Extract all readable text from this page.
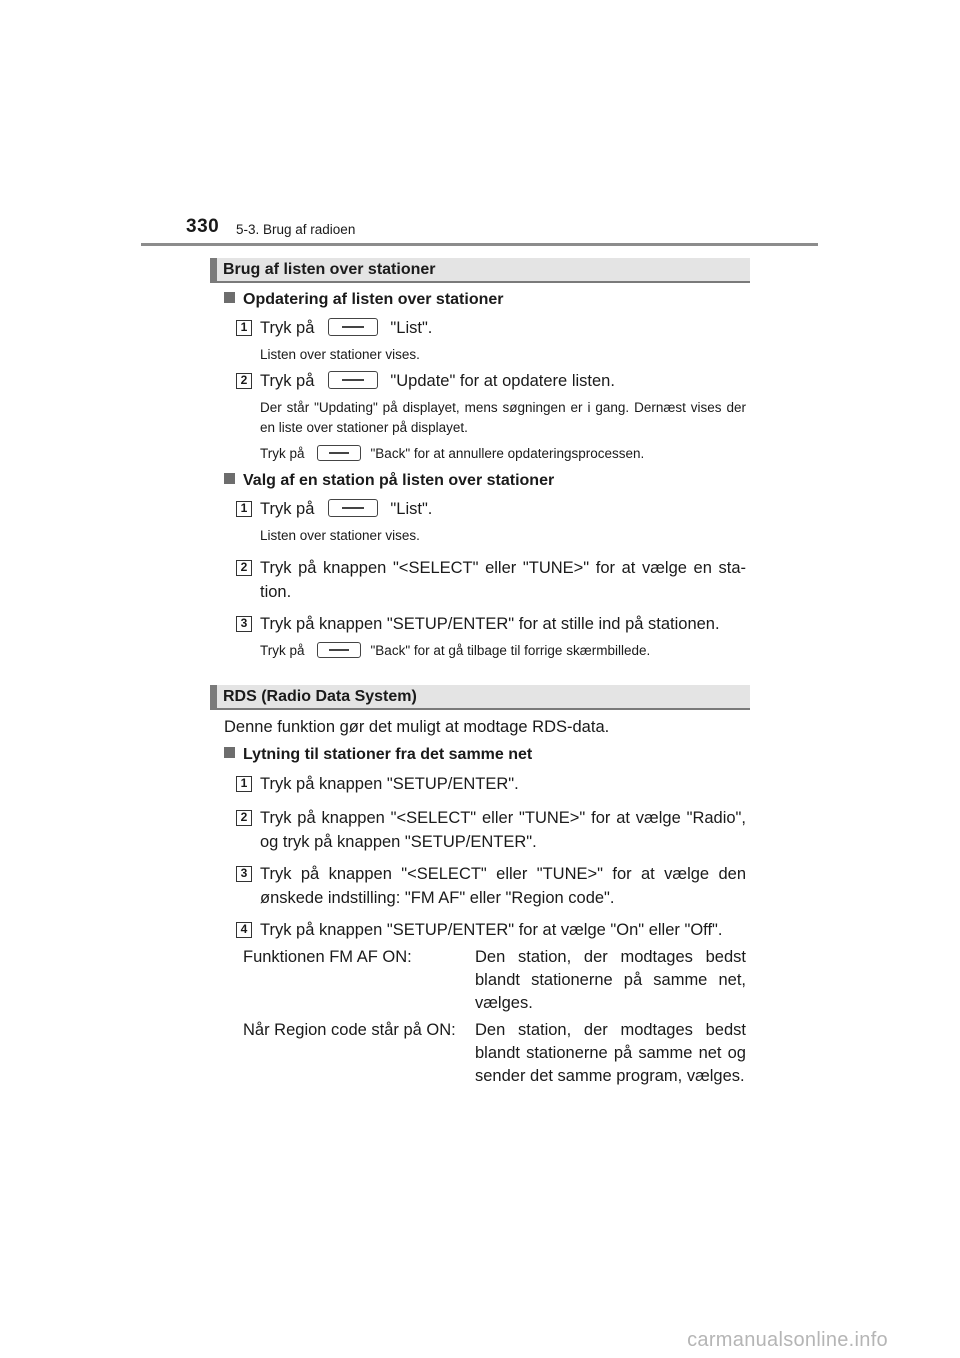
330 5-3. Brug af radioen
Brug af listen over stationer
Opdatering af listen over stationer
1 Tryk på	"List".
Listen over stationer vises.
2 Tryk på	"Update" for at opdatere listen.
Der står "Updating" på displayet, mens søgningen er i gang. Dernæst vises der en liste over stationer på displayet.
Tryk på	"Back" for at annullere opdateringsprocessen.
Valg af en station på listen over stationer
1 Tryk på	"List".
Listen over stationer vises.
2 Tryk på knappen "<SELECT" eller "TUNE>" for at vælge en sta-tion.
3 Tryk på knappen "SETUP/ENTER" for at stille ind på stationen.
Tryk på	"Back" for at gå tilbage til forrige skærmbillede.
RDS (Radio Data System)
Denne funktion gør det muligt at modtage RDS-data.
Lytning til stationer fra det samme net
1 Tryk på knappen "SETUP/ENTER".
2 Tryk på knappen "<SELECT" eller "TUNE>" for at vælge "Radio", og tryk på knappen "SETUP/ENTER".
3 Tryk på knappen "<SELECT" eller "TUNE>" for at vælge den ønskede indstilling: "FM AF" eller "Region code".
4 Tryk på knappen "SETUP/ENTER" for at vælge "On" eller "Off".
Funktionen FM AF ON:	Den station, der modtages bedst blandt stationerne på samme net, vælges.
Når Region code står på ON: Den station, der modtages bedst blandt stationerne på samme net og sender det samme program, vælges.
carmanualsonline.info
